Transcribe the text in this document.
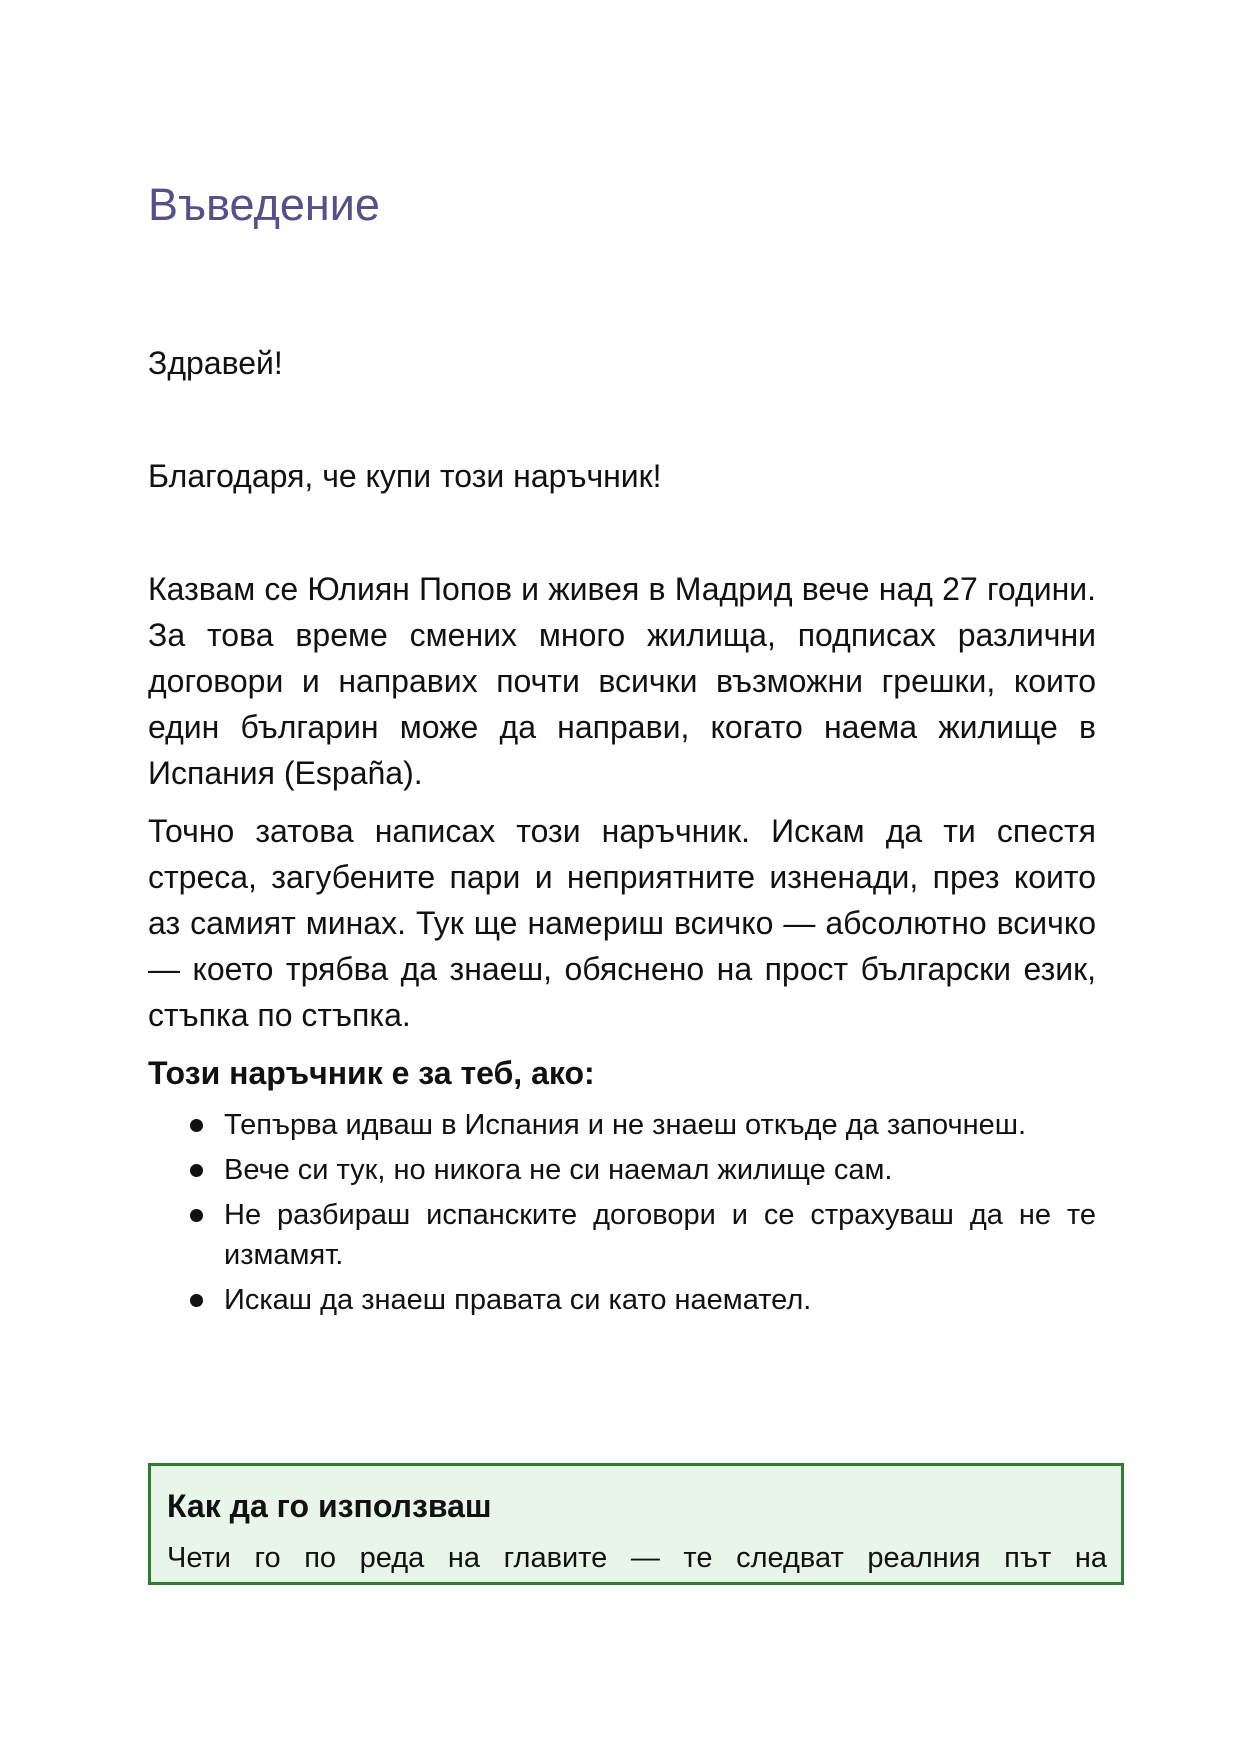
Въведение

Здравей!

Благодаря, че купи този наръчник!

Казвам се Юлиян Попов и живея в Мадрид вече над 27 години. За това време смених много жилища, подписах различни договори и направих почти всички възможни грешки, които един българин може да направи, когато наема жилище в Испания (España).

Точно затова написах този наръчник. Искам да ти спестя стреса, загубените пари и неприятните изненади, през които аз самият минах. Тук ще намериш всичко — абсолютно всичко — което трябва да знаеш, обяснено на прост български език, стъпка по стъпка.

Този наръчник е за теб, ако:
Тепърва идваш в Испания и не знаеш откъде да започнеш.
Вече си тук, но никога не си наемал жилище сам.
Не разбираш испанските договори и се страхуваш да не те измамят.
Искаш да знаеш правата си като наемател.
Как да го използваш

Чети го по реда на главите — те следват реалния път на
